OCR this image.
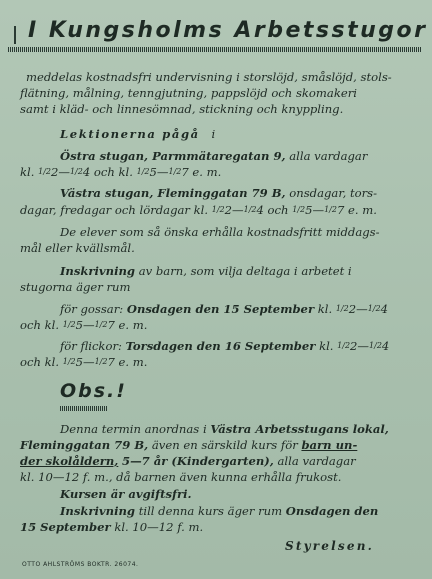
I Kungsholms Arbetsstugor
meddelas kostnadsfri undervisning i storslöjd, småslöjd, stols-
flätning, målning, tenngjutning, pappslöjd och skomakeri
samt i kläd- och linnesömnad, stickning och knyppling.
Lektionerna pågå i
Östra stugan, Parmmätaregatan 9, alla vardagar
kl. 1/22—1/24 och kl. 1/25—1/27 e. m.
Västra stugan, Fleminggatan 79 B, onsdagar, tors-
dagar, fredagar och lördagar kl. 1/22—1/24 och 1/25—1/27 e. m.
De elever som så önska erhålla kostnadsfritt middags-
mål eller kvällsmål.
Inskrivning av barn, som vilja deltaga i arbetet i
stugorna äger rum
för gossar: Onsdagen den 15 September kl. 1/22—1/24
och kl. 1/25—1/27 e. m.
för flickor: Torsdagen den 16 September kl. 1/22—1/24
och kl. 1/25—1/27 e. m.
Obs.!
Denna termin anordnas i Västra Arbetsstugans lokal,
Fleminggatan 79 B, även en särskild kurs för barn un-
der skolåldern, 5—7 år (Kindergarten), alla vardagar
kl. 10—12 f. m., då barnen även kunna erhålla frukost.
Kursen är avgiftsfri.
Inskrivning till denna kurs äger rum Onsdagen den
15 September kl. 10—12 f. m.
Styrelsen.
OTTO AHLSTRÖMS BOKTR. 26074.
